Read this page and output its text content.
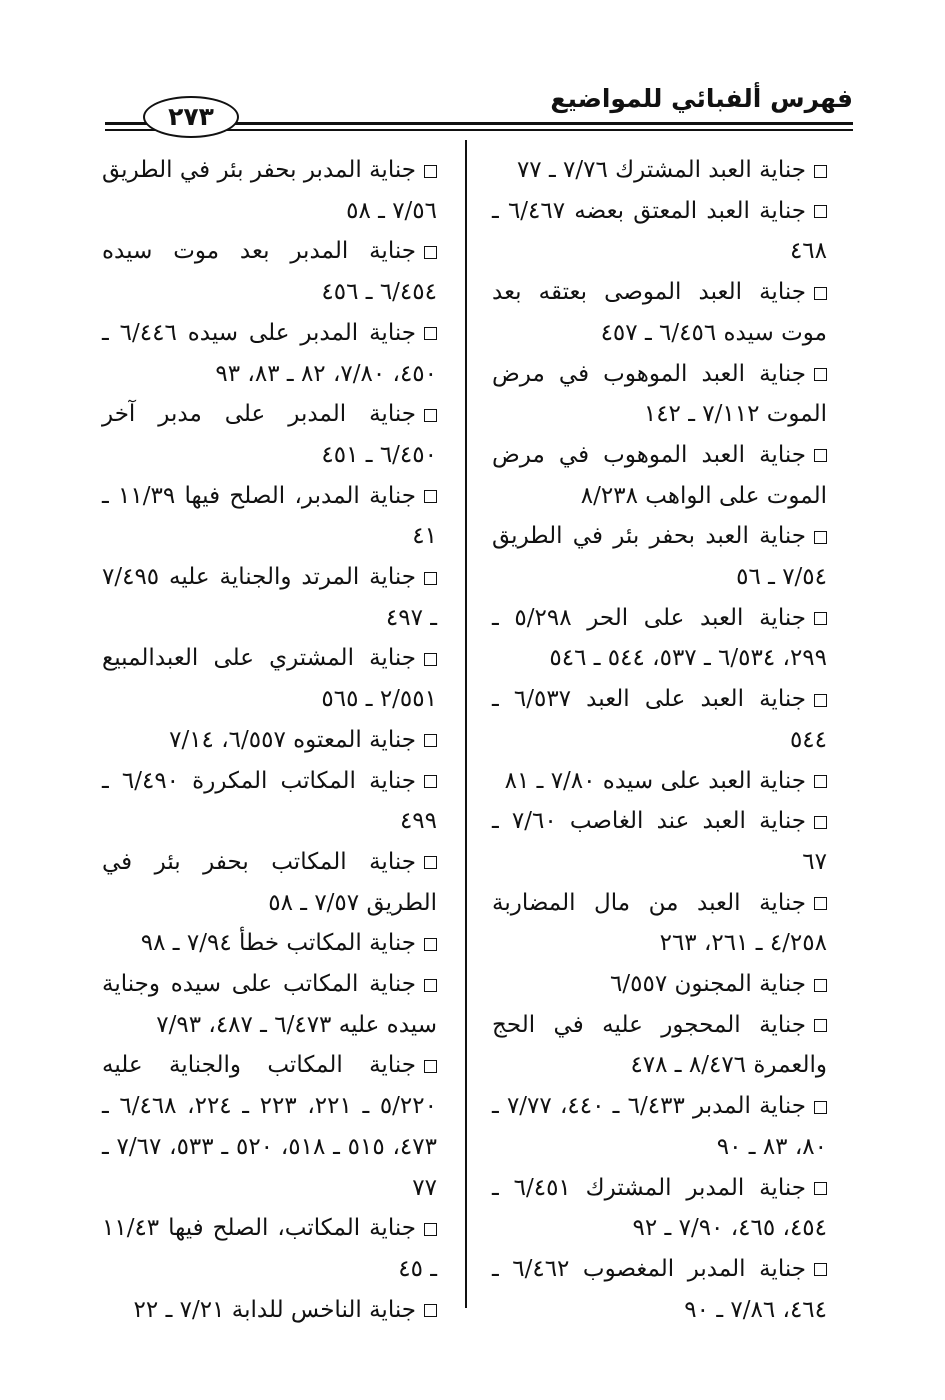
فهرس ألفبائي للمواضيع
٢٧٣
جناية العبد المشترك ٧/٧٦ ـ ٧٧
جناية العبد المعتق بعضه ٦/٤٦٧ ـ ٤٦٨
جناية العبد الموصى بعتقه بعد موت سيده ٦/٤٥٦ ـ ٤٥٧
جناية العبد الموهوب في مرض الموت ٧/١١٢ ـ ١٤٢
جناية العبد الموهوب في مرض الموت على الواهب ٨/٢٣٨
جناية العبد بحفر بئر في الطريق ٧/٥٤ ـ ٥٦
جناية العبد على الحر ٥/٢٩٨ ـ ٢٩٩، ٦/٥٣٤ ـ ٥٣٧، ٥٤٤ ـ ٥٤٦
جناية العبد على العبد ٦/٥٣٧ ـ ٥٤٤
جناية العبد على سيده ٧/٨٠ ـ ٨١
جناية العبد عند الغاصب ٧/٦٠ ـ ٦٧
جناية العبد من مال المضاربة ٤/٢٥٨ ـ ٢٦١، ٢٦٣
جناية المجنون ٦/٥٥٧
جناية المحجور عليه في الحج والعمرة ٨/٤٧٦ ـ ٤٧٨
جناية المدبر ٦/٤٣٣ ـ ٤٤٠، ٧/٧٧ ـ ٨٠، ٨٣ ـ ٩٠
جناية المدبر المشترك ٦/٤٥١ ـ ٤٥٤، ٤٦٥، ٧/٩٠ ـ ٩٢
جناية المدبر المغصوب ٦/٤٦٢ ـ ٤٦٤، ٧/٨٦ ـ ٩٠
جناية المدبر بحفر بئر في الطريق ٧/٥٦ ـ ٥٨
جناية المدبر بعد موت سيده ٦/٤٥٤ ـ ٤٥٦
جناية المدبر على سيده ٦/٤٤٦ ـ ٤٥٠، ٧/٨٠، ٨٢ ـ ٨٣، ٩٣
جناية المدبر على مدبر آخر ٦/٤٥٠ ـ ٤٥١
جناية المدبر، الصلح فيها ١١/٣٩ ـ ٤١
جناية المرتد والجناية عليه ٧/٤٩٥ ـ ٤٩٧
جناية المشتري على العبدالمبيع ٢/٥٥١ ـ ٥٦٥
جناية المعتوه ٦/٥٥٧، ٧/١٤
جناية المكاتب المكررة ٦/٤٩٠ ـ ٤٩٩
جناية المكاتب بحفر بئر في الطريق ٧/٥٧ ـ ٥٨
جناية المكاتب خطأ ٧/٩٤ ـ ٩٨
جناية المكاتب على سيده وجناية سيده عليه ٦/٤٧٣ ـ ٤٨٧، ٧/٩٣
جناية المكاتب والجناية عليه ٥/٢٢٠ ـ ٢٢١، ٢٢٣ ـ ٢٢٤، ٦/٤٦٨ ـ ٤٧٣، ٥١٥ ـ ٥١٨، ٥٢٠ ـ ٥٣٣، ٧/٦٧ ـ ٧٧
جناية المكاتب، الصلح فيها ١١/٤٣ ـ ٤٥
جناية الناخس للدابة ٧/٢١ ـ ٢٢
